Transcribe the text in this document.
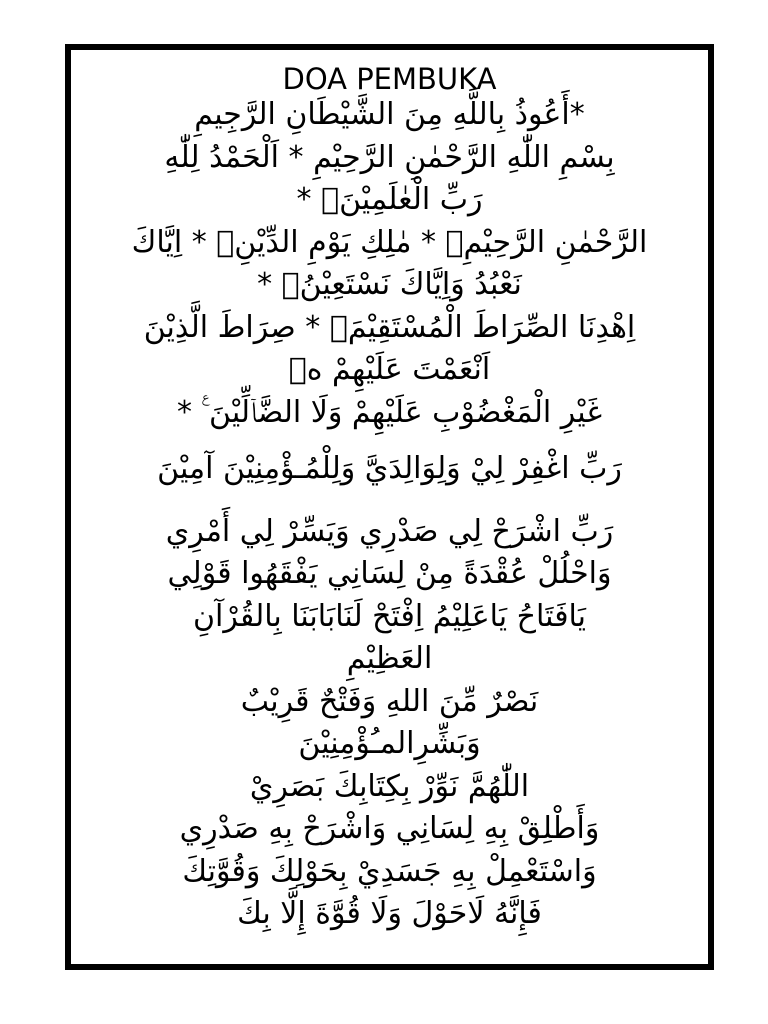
DOA PEMBUKA
*أَعُوذُ بِاللَّهِ مِنَ الشَّيْطَانِ الرَّجِيمِ
بِسْمِ اللّٰهِ الرَّحْمٰنِ الرَّحِيْمِ * اَلْحَمْدُ لِلّٰهِ
رَبِّ الْعٰلَمِيْنَۙ *
الرَّحْمٰنِ الرَّحِيْمِۙ * مٰلِكِ يَوْمِ الدِّيْنِۗ * اِيَّاكَ
نَعْبُدُ وَاِيَّاكَ نَسْتَعِيْنُۗ *
اِهْدِنَا الصِّرَاطَ الْمُسْتَقِيْمَۙ * صِرَاطَ الَّذِيْنَ
اَنْعَمْتَ عَلَيْهِمْ ەۙ
غَيْرِ الْمَغْضُوْبِ عَلَيْهِمْ وَلَا الضَّاۤلِّيْنَ ࣖ *
رَبِّ اغْفِرْ لِيْ وَلِوَالِدَيَّ وَلِلْمُـؤْمِنِيْنَ آمِيْنَ
رَبِّ اشْرَحْ لِي صَدْرِي وَيَسِّرْ لِي أَمْرِي
وَاحْلُلْ عُقْدَةً مِنْ لِسَانِي يَفْقَهُوا قَوْلِي
يَافَتَاحُ يَاعَلِيْمُ اِفْتَحْ لَنَابَابَنَا بِالقُرْآنِ
العَظِيْمِ
نَصْرٌ مِّنَ اللهِ وَفَتْحٌ قَرِيْبٌ
وَبَشِّرِالمـُؤْمِنِيْنَ
اللّٰهُمَّ نَوِّرْ بِكِتَابِكَ بَصَرِيْ
وَأَطْلِقْ بِهِ لِسَانِي وَاشْرَحْ بِهِ صَدْرِي
وَاسْتَعْمِلْ بِهِ جَسَدِيْ بِحَوْلِكَ وَقُوَّتِكَ
فَإِنَّهُ لَاحَوْلَ وَلَا قُوَّةَ إِلَّا بِكَ
